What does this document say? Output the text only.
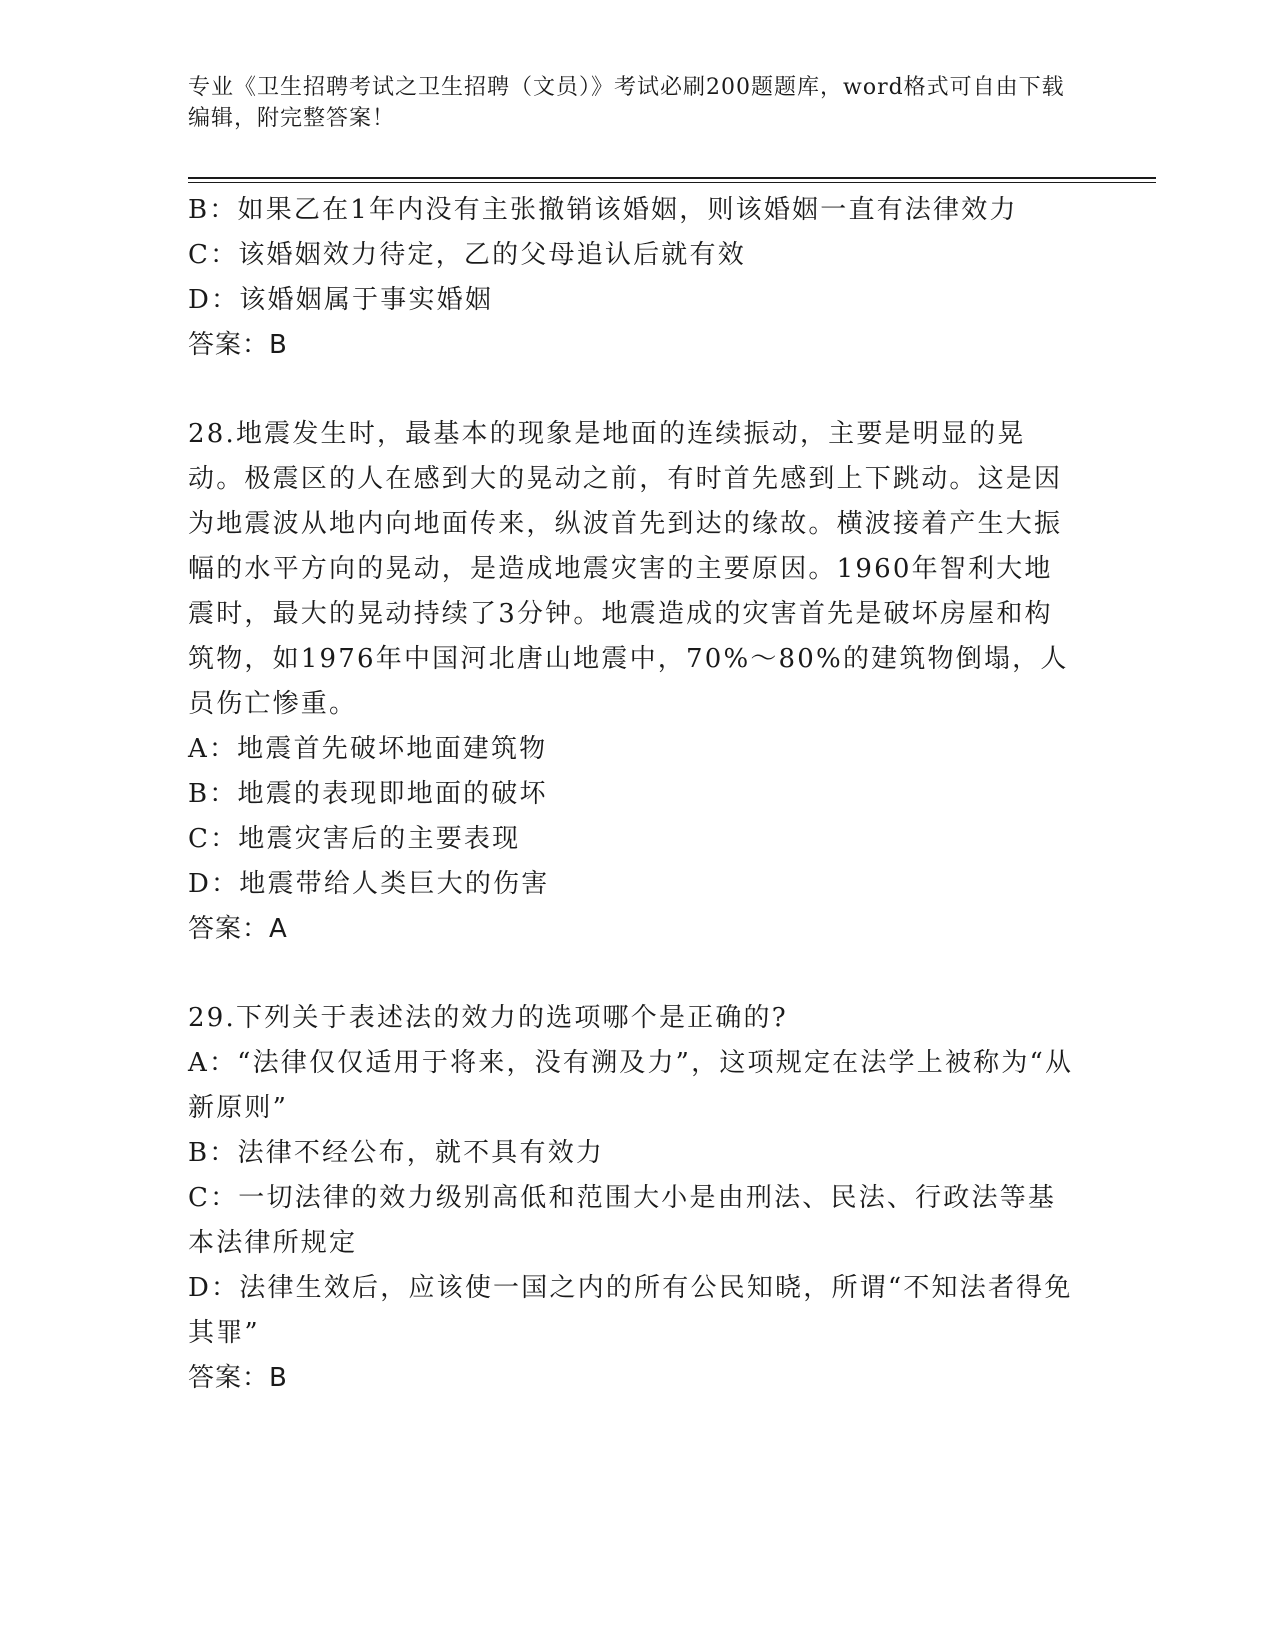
专业《卫生招聘考试之卫生招聘（文员）》考试必刷200题题库，word格式可自由下载编辑，附完整答案！

B：如果乙在1年内没有主张撤销该婚姻，则该婚姻一直有法律效力

C：该婚姻效力待定，乙的父母追认后就有效

D：该婚姻属于事实婚姻

答案：B

28.地震发生时，最基本的现象是地面的连续振动，主要是明显的晃动。极震区的人在感到大的晃动之前，有时首先感到上下跳动。这是因为地震波从地内向地面传来，纵波首先到达的缘故。横波接着产生大振幅的水平方向的晃动，是造成地震灾害的主要原因。1960年智利大地震时，最大的晃动持续了3分钟。地震造成的灾害首先是破坏房屋和构筑物，如1976年中国河北唐山地震中，70%～80%的建筑物倒塌，人员伤亡惨重。

A：地震首先破坏地面建筑物

B：地震的表现即地面的破坏

C：地震灾害后的主要表现

D：地震带给人类巨大的伤害

答案：A

29.下列关于表述法的效力的选项哪个是正确的?

A：“法律仅仅适用于将来，没有溯及力”，这项规定在法学上被称为“从新原则”

B：法律不经公布，就不具有效力

C：一切法律的效力级别高低和范围大小是由刑法、民法、行政法等基本法律所规定

D：法律生效后，应该使一国之内的所有公民知晓，所谓“不知法者得免其罪”

答案：B
